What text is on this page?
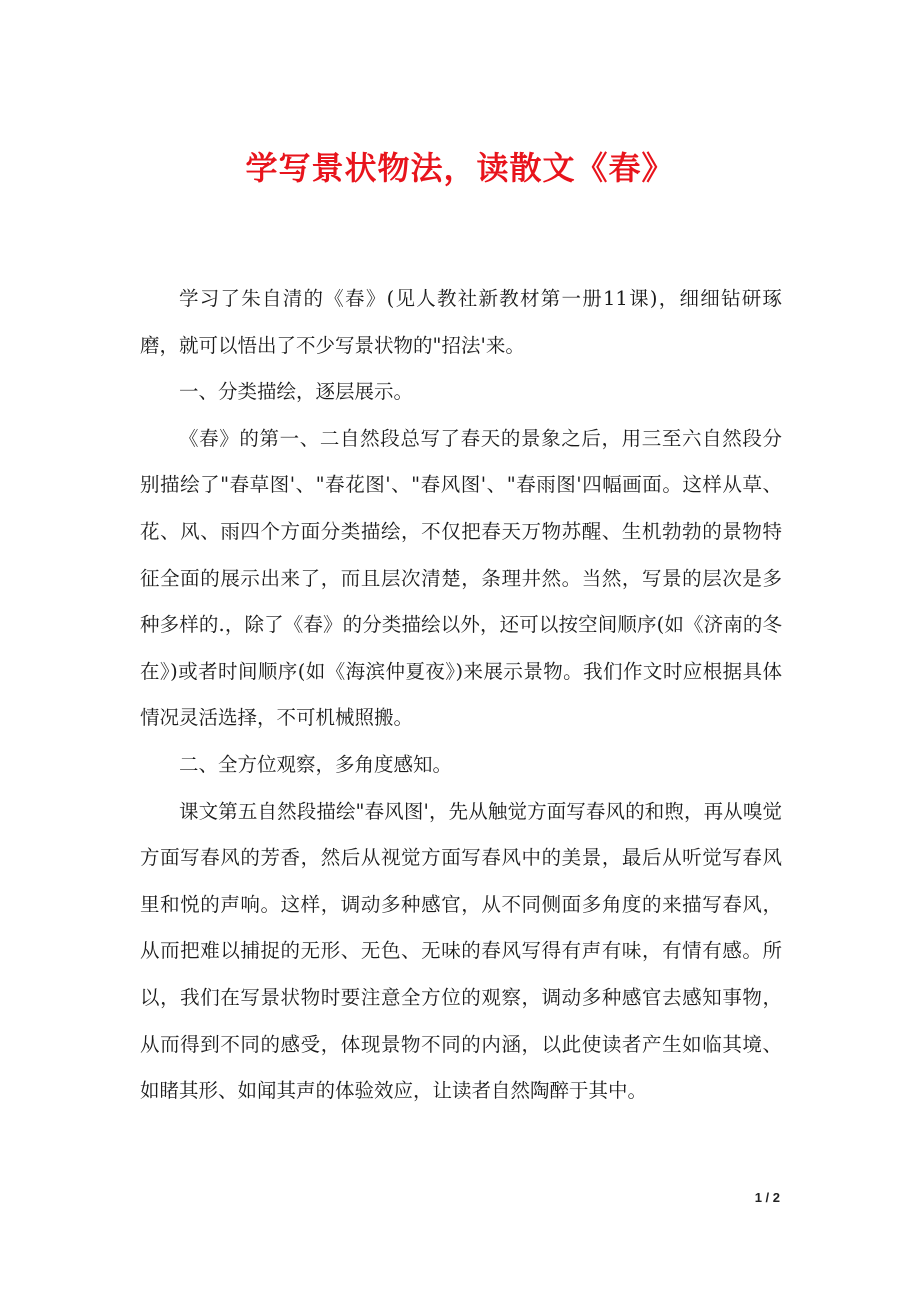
学写景状物法，读散文《春》

学习了朱自清的《春》(见人教社新教材第一册11课)，细细钻研琢磨，就可以悟出了不少写景状物的"招法'来。

一、分类描绘，逐层展示。

《春》的第一、二自然段总写了春天的景象之后，用三至六自然段分别描绘了"春草图'、"春花图'、"春风图'、"春雨图'四幅画面。这样从草、花、风、雨四个方面分类描绘，不仅把春天万物苏醒、生机勃勃的景物特征全面的展示出来了，而且层次清楚，条理井然。当然，写景的层次是多种多样的.，除了《春》的分类描绘以外，还可以按空间顺序(如《济南的冬在》)或者时间顺序(如《海滨仲夏夜》)来展示景物。我们作文时应根据具体情况灵活选择，不可机械照搬。

二、全方位观察，多角度感知。

课文第五自然段描绘"春风图'，先从触觉方面写春风的和煦，再从嗅觉方面写春风的芳香，然后从视觉方面写春风中的美景，最后从听觉写春风里和悦的声响。这样，调动多种感官，从不同侧面多角度的来描写春风，从而把难以捕捉的无形、无色、无味的春风写得有声有味，有情有感。所以，我们在写景状物时要注意全方位的观察，调动多种感官去感知事物，从而得到不同的感受，体现景物不同的内涵，以此使读者产生如临其境、如睹其形、如闻其声的体验效应，让读者自然陶醉于其中。

1 / 2
